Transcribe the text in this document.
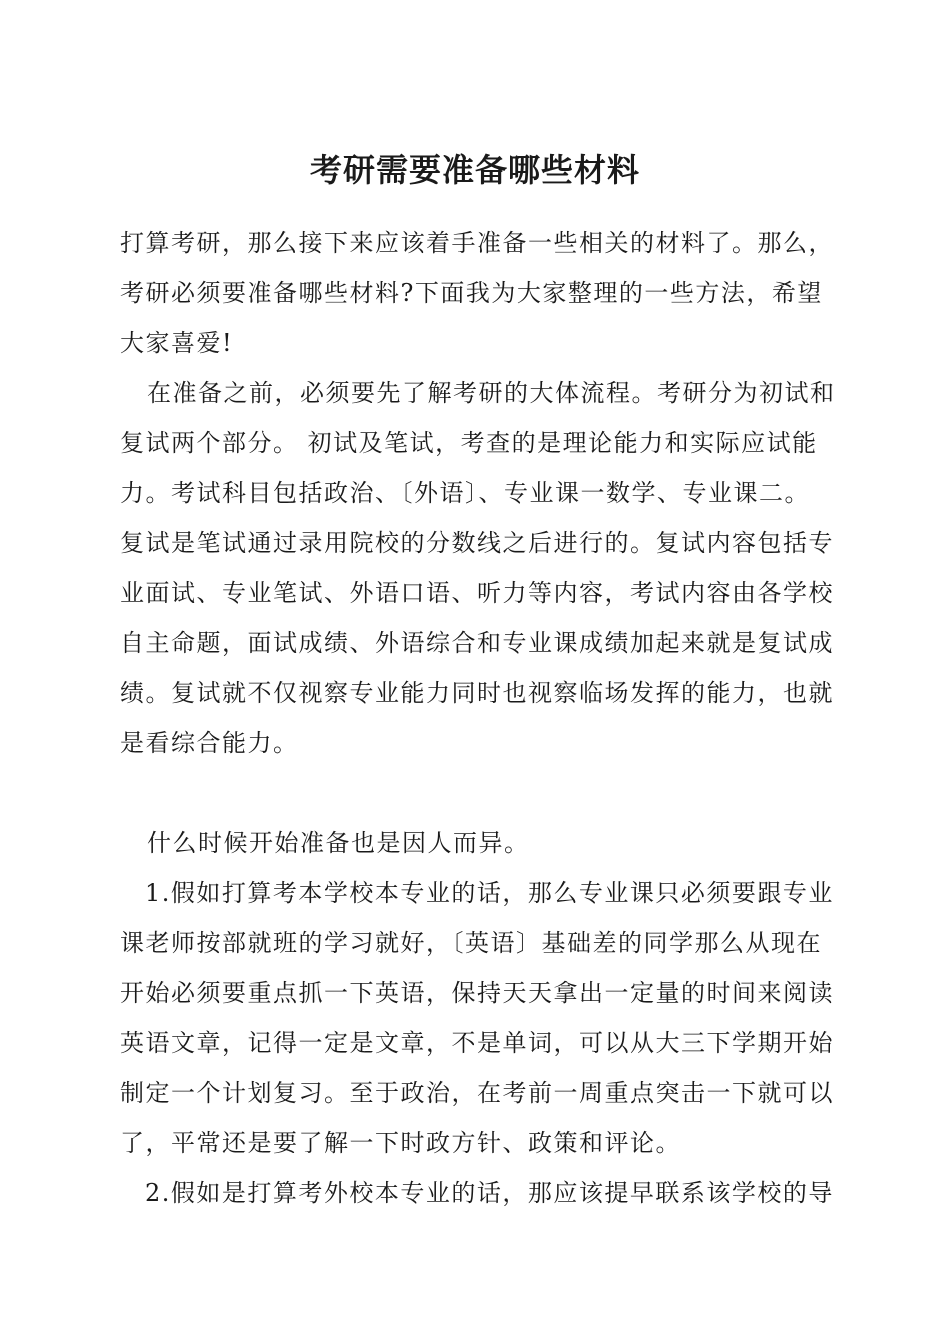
考研需要准备哪些材料

打算考研，那么接下来应该着手准备一些相关的材料了。那么，

考研必须要准备哪些材料?下面我为大家整理的一些方法，希望

大家喜爱!

在准备之前，必须要先了解考研的大体流程。考研分为初试和

复试两个部分。 初试及笔试，考查的是理论能力和实际应试能

力。考试科目包括政治、〔外语〕、专业课一数学、专业课二。

复试是笔试通过录用院校的分数线之后进行的。复试内容包括专

业面试、专业笔试、外语口语、听力等内容，考试内容由各学校

自主命题，面试成绩、外语综合和专业课成绩加起来就是复试成

绩。复试就不仅视察专业能力同时也视察临场发挥的能力，也就

是看综合能力。

什么时候开始准备也是因人而异。

1.假如打算考本学校本专业的话，那么专业课只必须要跟专业

课老师按部就班的学习就好，〔英语〕基础差的同学那么从现在

开始必须要重点抓一下英语，保持天天拿出一定量的时间来阅读

英语文章，记得一定是文章，不是单词，可以从大三下学期开始

制定一个计划复习。至于政治，在考前一周重点突击一下就可以

了，平常还是要了解一下时政方针、政策和评论。

2.假如是打算考外校本专业的话，那应该提早联系该学校的导
